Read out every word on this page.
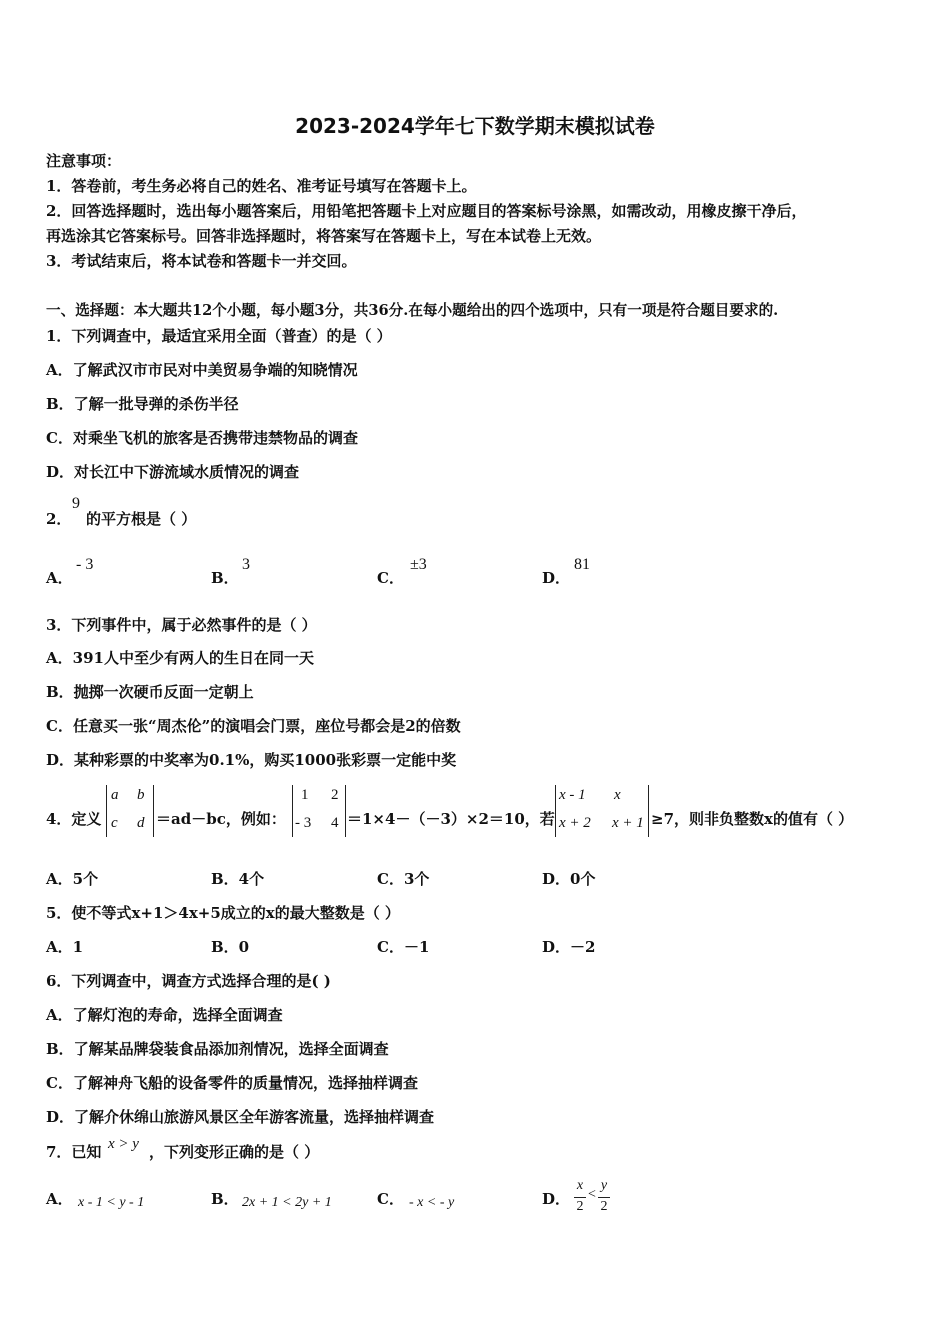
2023-2024学年七下数学期末模拟试卷
注意事项：
1．答卷前，考生务必将自己的姓名、准考证号填写在答题卡上。
2．回答选择题时，选出每小题答案后，用铅笔把答题卡上对应题目的答案标号涂黑，如需改动，用橡皮擦干净后，
再选涂其它答案标号。回答非选择题时，将答案写在答题卡上，写在本试卷上无效。
3．考试结束后，将本试卷和答题卡一并交回。
一、选择题：本大题共12个小题，每小题3分，共36分.在每小题给出的四个选项中，只有一项是符合题目要求的.
1．下列调查中，最适宜采用全面（普查）的是（ ）
A．了解武汉市市民对中美贸易争端的知晓情况
B．了解一批导弹的杀伤半径
C．对乘坐飞机的旅客是否携带违禁物品的调查
D．对长江中下游流域水质情况的调查
2．
9
的平方根是（ ）
A．
- 3
B．
3
C．
±3
D．
81
3．下列事件中，属于必然事件的是（ ）
A．391人中至少有两人的生日在同一天
B．抛掷一次硬币反面一定朝上
C．任意买一张“周杰伦”的演唱会门票，座位号都会是2的倍数
D．某种彩票的中奖率为0.1%，购买1000张彩票一定能中奖
4．定义
a b
c d ＝ad－bc，例如：
1 2
- 3 4 ＝1×4－（－3）×2＝10，若
x - 1 x
x + 2 x + 1 ≥7，则非负整数x的值有（ ）
A．5个	B．4个	C．3个	D．0个
5．使不等式x+1＞4x+5成立的x的最大整数是（ ）
A．1	B．0	C．－1	D．－2
6．下列调查中，调查方式选择合理的是( )
A．了解灯泡的寿命，选择全面调查
B．了解某品牌袋装食品添加剂情况，选择全面调查
C．了解神舟飞船的设备零件的质量情况，选择抽样调查
D．了解介休绵山旅游风景区全年游客流量，选择抽样调查
7．已知 x > y ，下列变形正确的是（ ）
A． x - 1 < y - 1	B． 2x + 1 < 2y + 1	C． - x < - y	D．
x
2
<
y
2
